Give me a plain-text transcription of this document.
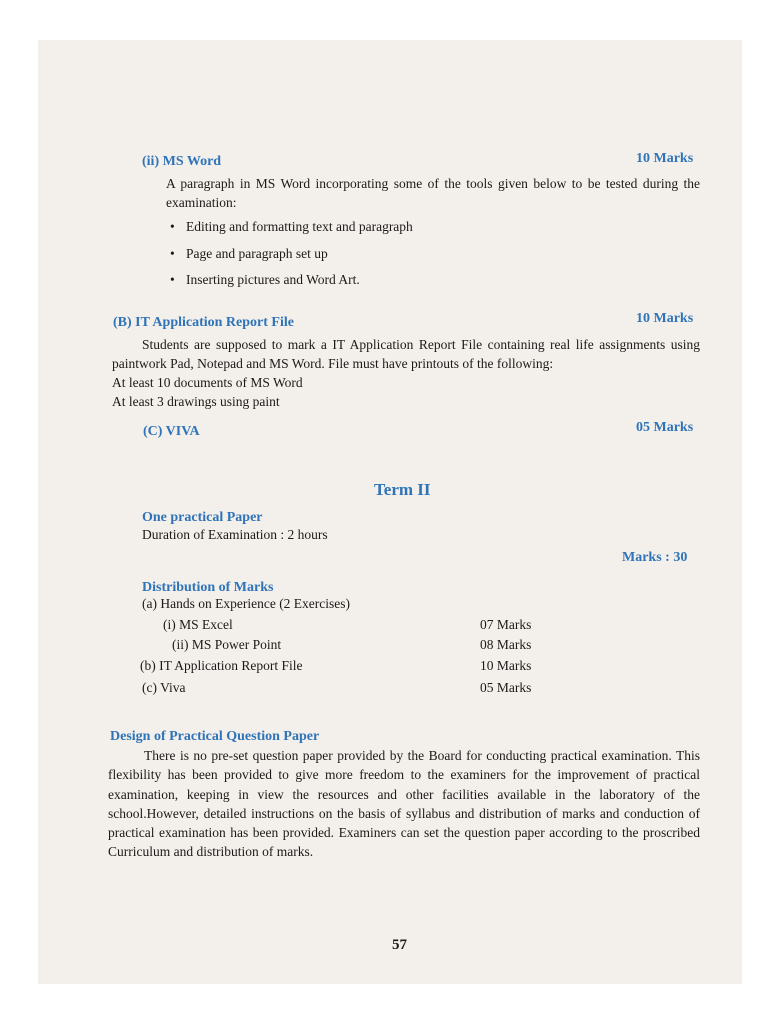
(ii) MS Word	10 Marks
A paragraph in MS Word incorporating some of the tools given below to be tested during the examination:
• Editing and formatting text and paragraph
• Page and paragraph set up
• Inserting pictures and Word Art.
(B) IT Application Report File	10 Marks
Students are supposed to mark a IT Application Report File containing real life assignments using paintwork Pad, Notepad and MS Word. File must have printouts of the following:
At least 10 documents of MS Word
At least 3 drawings using paint
(C) VIVA	05 Marks
Term II
One practical Paper
Duration of Examination : 2 hours
Marks : 30
Distribution of Marks
(a) Hands on Experience (2 Exercises)
(i) MS Excel	07 Marks
(ii) MS Power Point	08 Marks
(b) IT Application Report File	10 Marks
(c) Viva	05 Marks
Design of Practical Question Paper
There is no pre-set question paper provided by the Board for conducting practical examination. This flexibility has been provided to give more freedom to the examiners for the improvement of practical examination, keeping in view the resources and other facilities available in the laboratory of the school.However, detailed instructions on the basis of syllabus and distribution of marks and conduction of practical examination has been provided. Examiners can set the question paper according to the proscribed Curriculum and distribution of marks.
57
